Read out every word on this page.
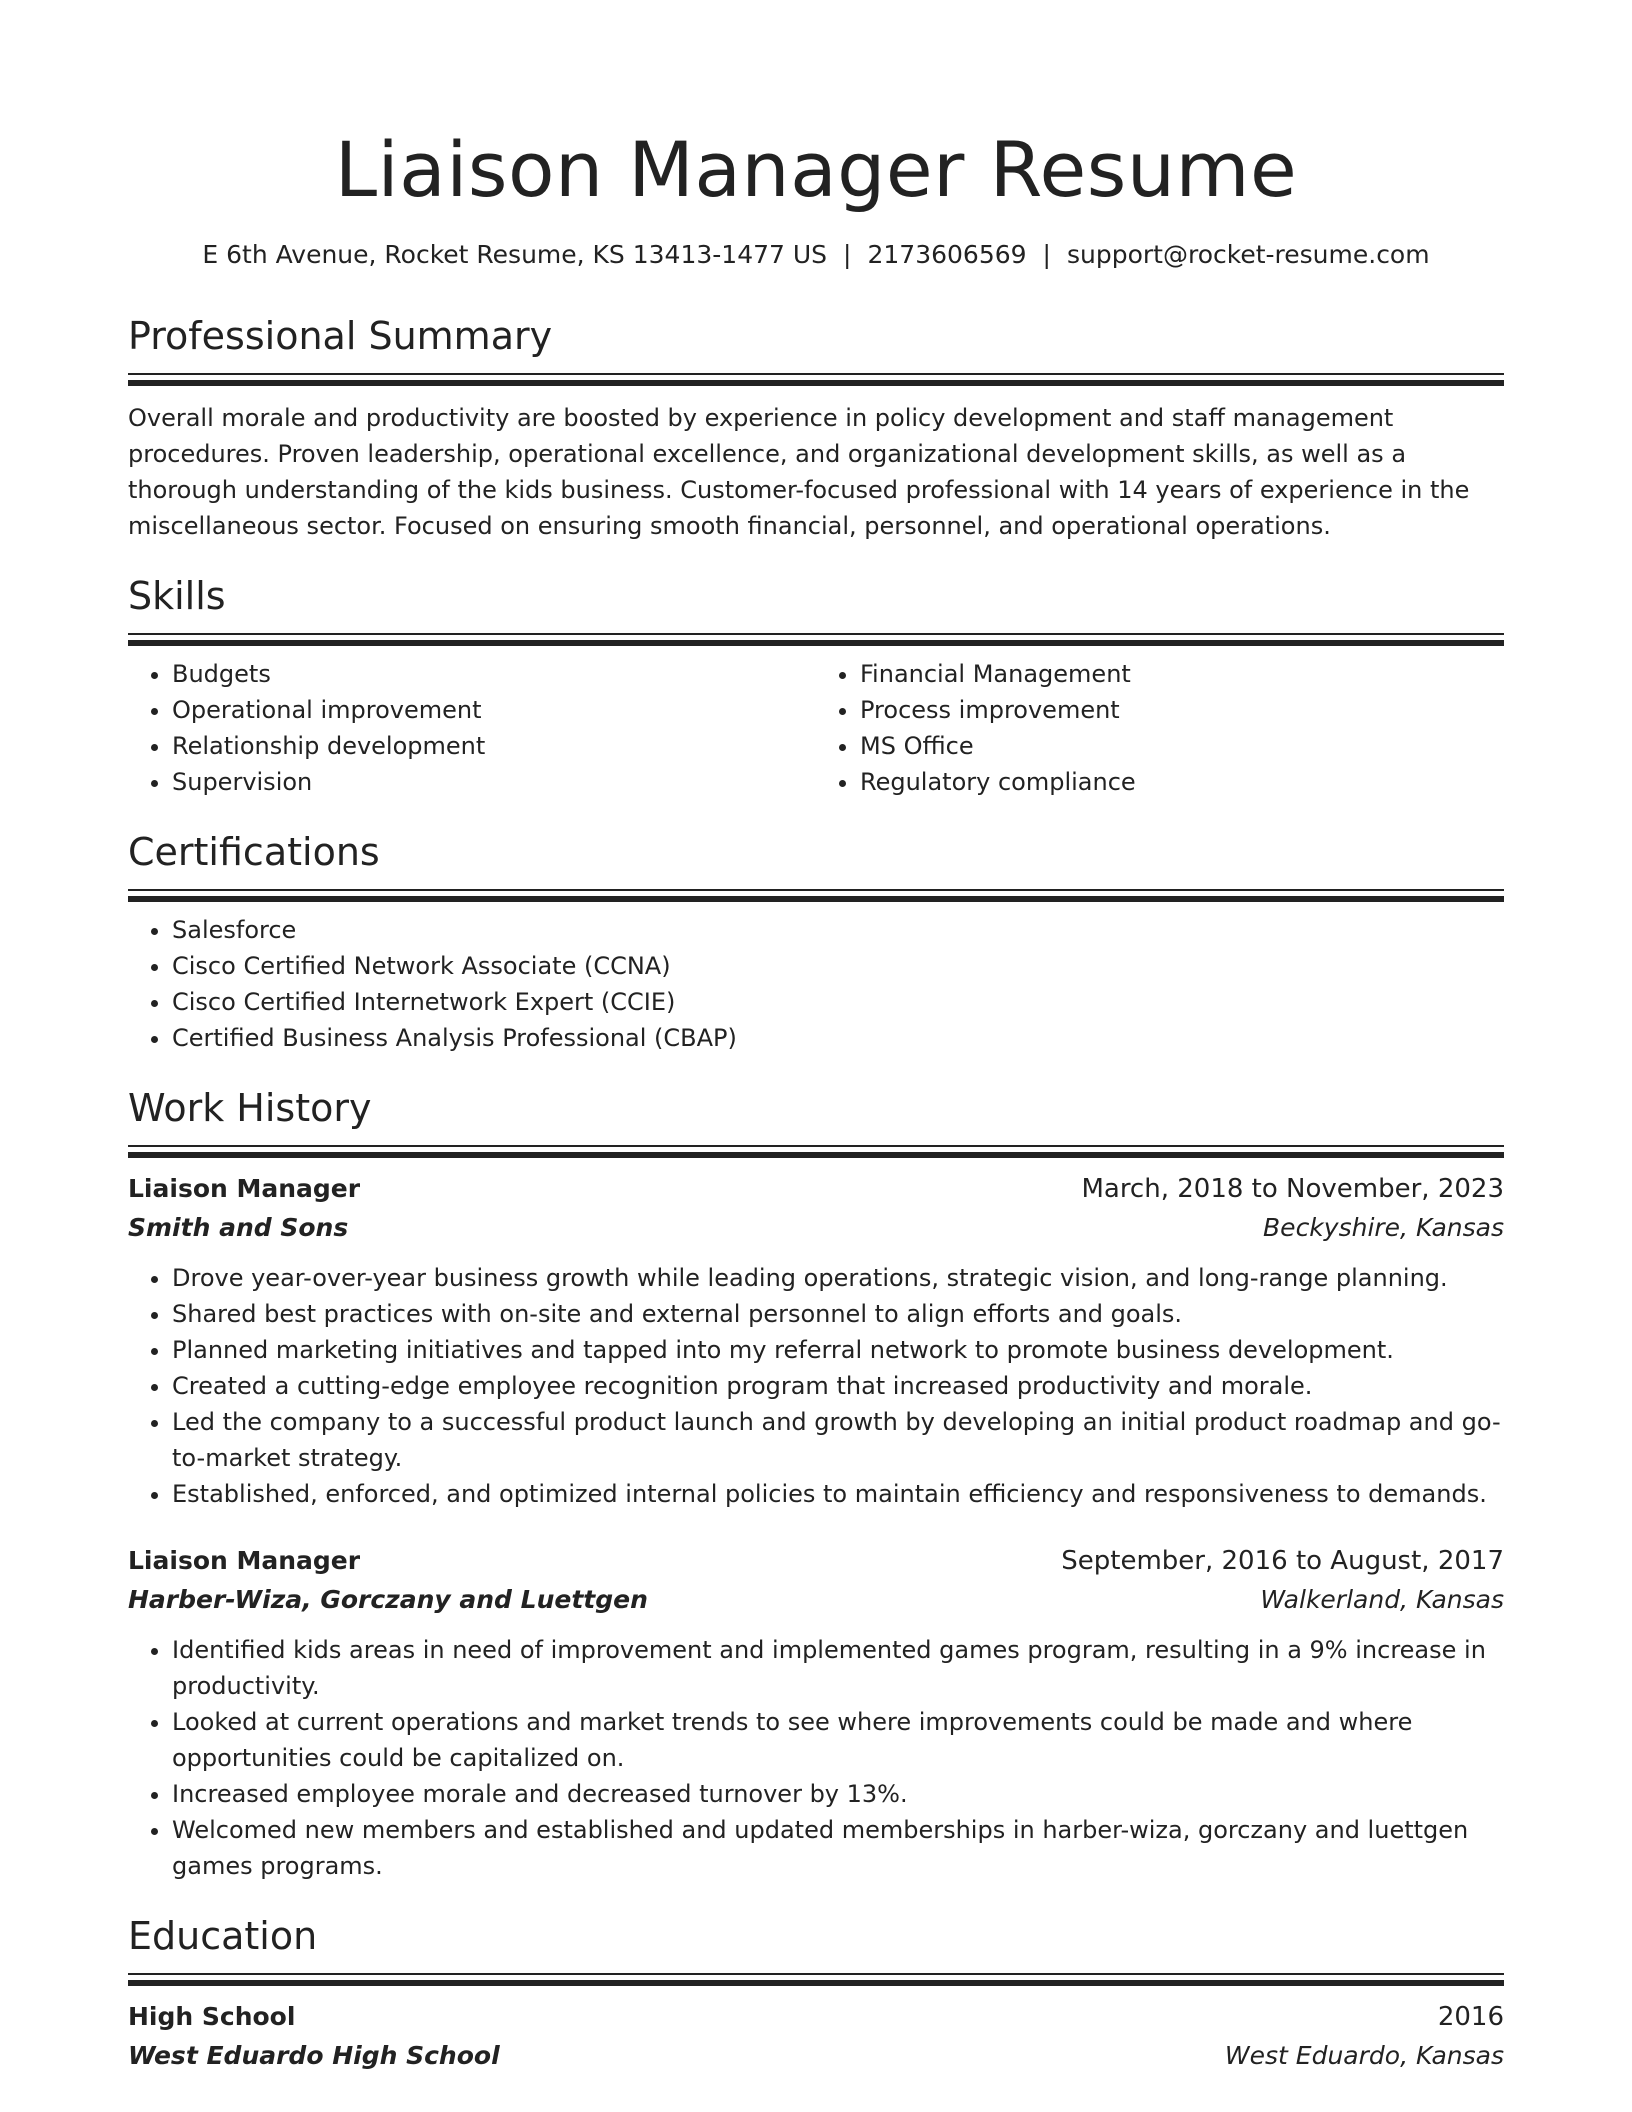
Liaison Manager Resume
E 6th Avenue, Rocket Resume, KS 13413-1477 US | 2173606569 | support@rocket-resume.com
Professional Summary
Overall morale and productivity are boosted by experience in policy development and staff management procedures. Proven leadership, operational excellence, and organizational development skills, as well as a thorough understanding of the kids business. Customer-focused professional with 14 years of experience in the miscellaneous sector. Focused on ensuring smooth financial, personnel, and operational operations.
Skills
• Budgets
• Operational improvement
• Relationship development
• Supervision
• Financial Management
• Process improvement
• MS Office
• Regulatory compliance
Certifications
• Salesforce
• Cisco Certified Network Associate (CCNA)
• Cisco Certified Internetwork Expert (CCIE)
• Certified Business Analysis Professional (CBAP)
Work History
Liaison Manager	March, 2018 to November, 2023
Smith and Sons	Beckyshire, Kansas
• Drove year-over-year business growth while leading operations, strategic vision, and long-range planning.
• Shared best practices with on-site and external personnel to align efforts and goals.
• Planned marketing initiatives and tapped into my referral network to promote business development.
• Created a cutting-edge employee recognition program that increased productivity and morale.
• Led the company to a successful product launch and growth by developing an initial product roadmap and go-to-market strategy.
• Established, enforced, and optimized internal policies to maintain efficiency and responsiveness to demands.
Liaison Manager	September, 2016 to August, 2017
Harber-Wiza, Gorczany and Luettgen	Walkerland, Kansas
• Identified kids areas in need of improvement and implemented games program, resulting in a 9% increase in productivity.
• Looked at current operations and market trends to see where improvements could be made and where opportunities could be capitalized on.
• Increased employee morale and decreased turnover by 13%.
• Welcomed new members and established and updated memberships in harber-wiza, gorczany and luettgen games programs.
Education
High School	2016
West Eduardo High School	West Eduardo, Kansas
